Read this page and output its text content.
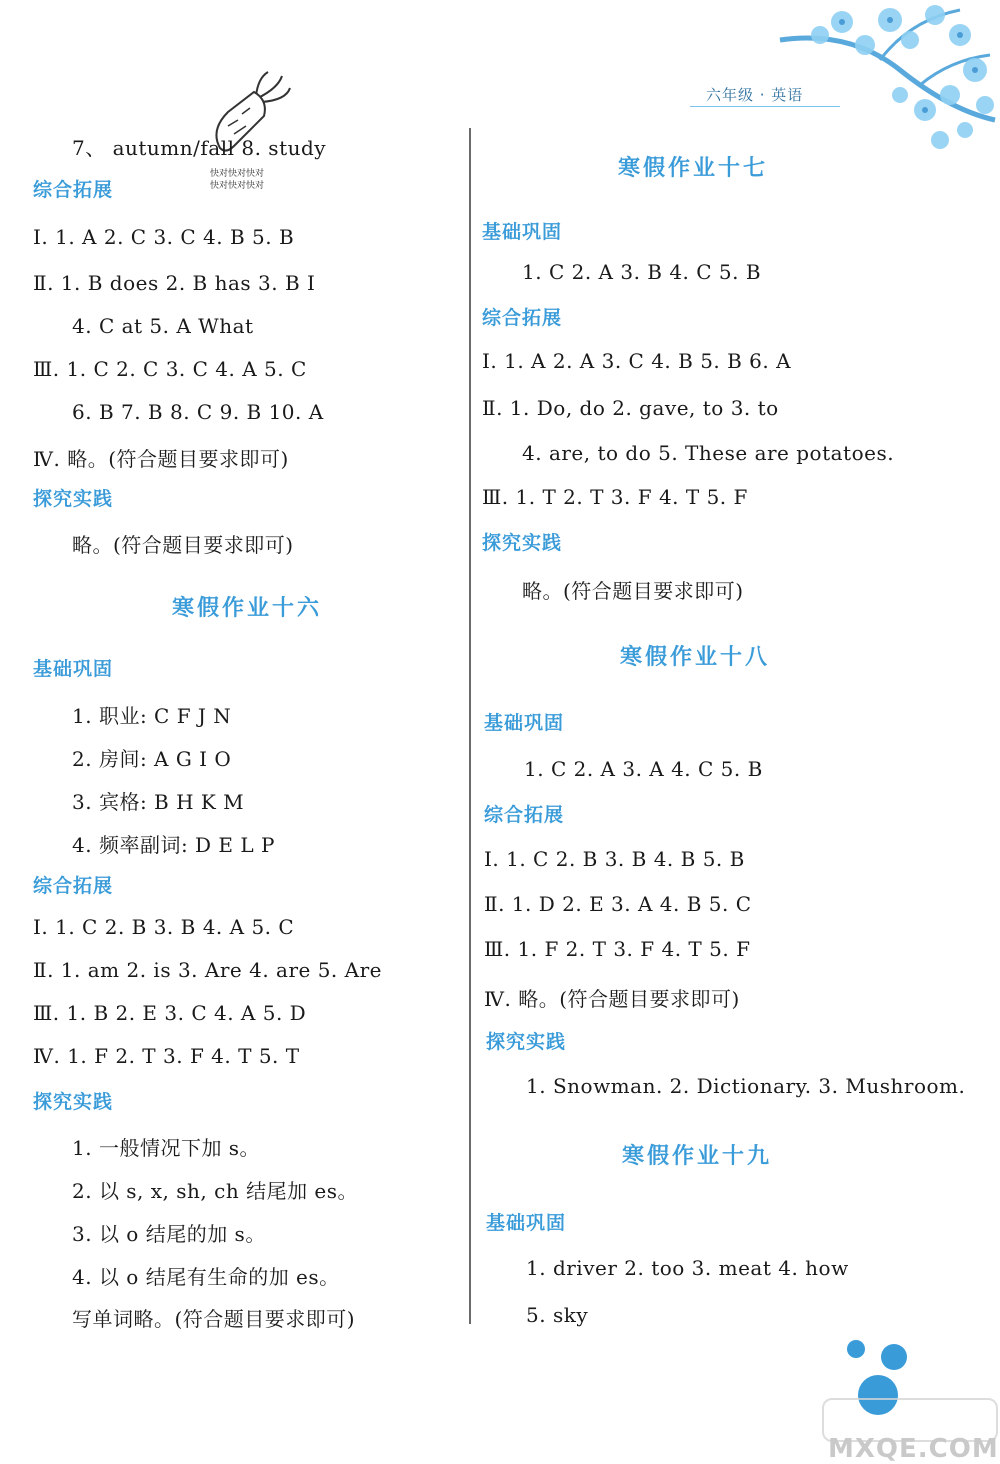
六年级 · 英语
快对快对快对
快对快对快对
7、 autumn/fall 8. study
综合拓展
Ⅰ. 1. A 2. C 3. C 4. B 5. B
Ⅱ. 1. B does 2. B has 3. B I
4. C at 5. A What
Ⅲ. 1. C 2. C 3. C 4. A 5. C
6. B 7. B 8. C 9. B 10. A
Ⅳ. 略。(符合题目要求即可)
探究实践
略。(符合题目要求即可)
寒假作业十六
基础巩固
1. 职业: C F J N
2. 房间: A G I O
3. 宾格: B H K M
4. 频率副词: D E L P
综合拓展
Ⅰ. 1. C 2. B 3. B 4. A 5. C
Ⅱ. 1. am 2. is 3. Are 4. are 5. Are
Ⅲ. 1. B 2. E 3. C 4. A 5. D
Ⅳ. 1. F 2. T 3. F 4. T 5. T
探究实践
1. 一般情况下加 s。
2. 以 s, x, sh, ch 结尾加 es。
3. 以 o 结尾的加 s。
4. 以 o 结尾有生命的加 es。
写单词略。(符合题目要求即可)
寒假作业十七
基础巩固
1. C 2. A 3. B 4. C 5. B
综合拓展
Ⅰ. 1. A 2. A 3. C 4. B 5. B 6. A
Ⅱ. 1. Do, do 2. gave, to 3. to
4. are, to do 5. These are potatoes.
Ⅲ. 1. T 2. T 3. F 4. T 5. F
探究实践
略。(符合题目要求即可)
寒假作业十八
基础巩固
1. C 2. A 3. A 4. C 5. B
综合拓展
Ⅰ. 1. C 2. B 3. B 4. B 5. B
Ⅱ. 1. D 2. E 3. A 4. B 5. C
Ⅲ. 1. F 2. T 3. F 4. T 5. F
Ⅳ. 略。(符合题目要求即可)
探究实践
1. Snowman. 2. Dictionary. 3. Mushroom.
寒假作业十九
基础巩固
1. driver 2. too 3. meat 4. how
5. sky
MXQE.COM
